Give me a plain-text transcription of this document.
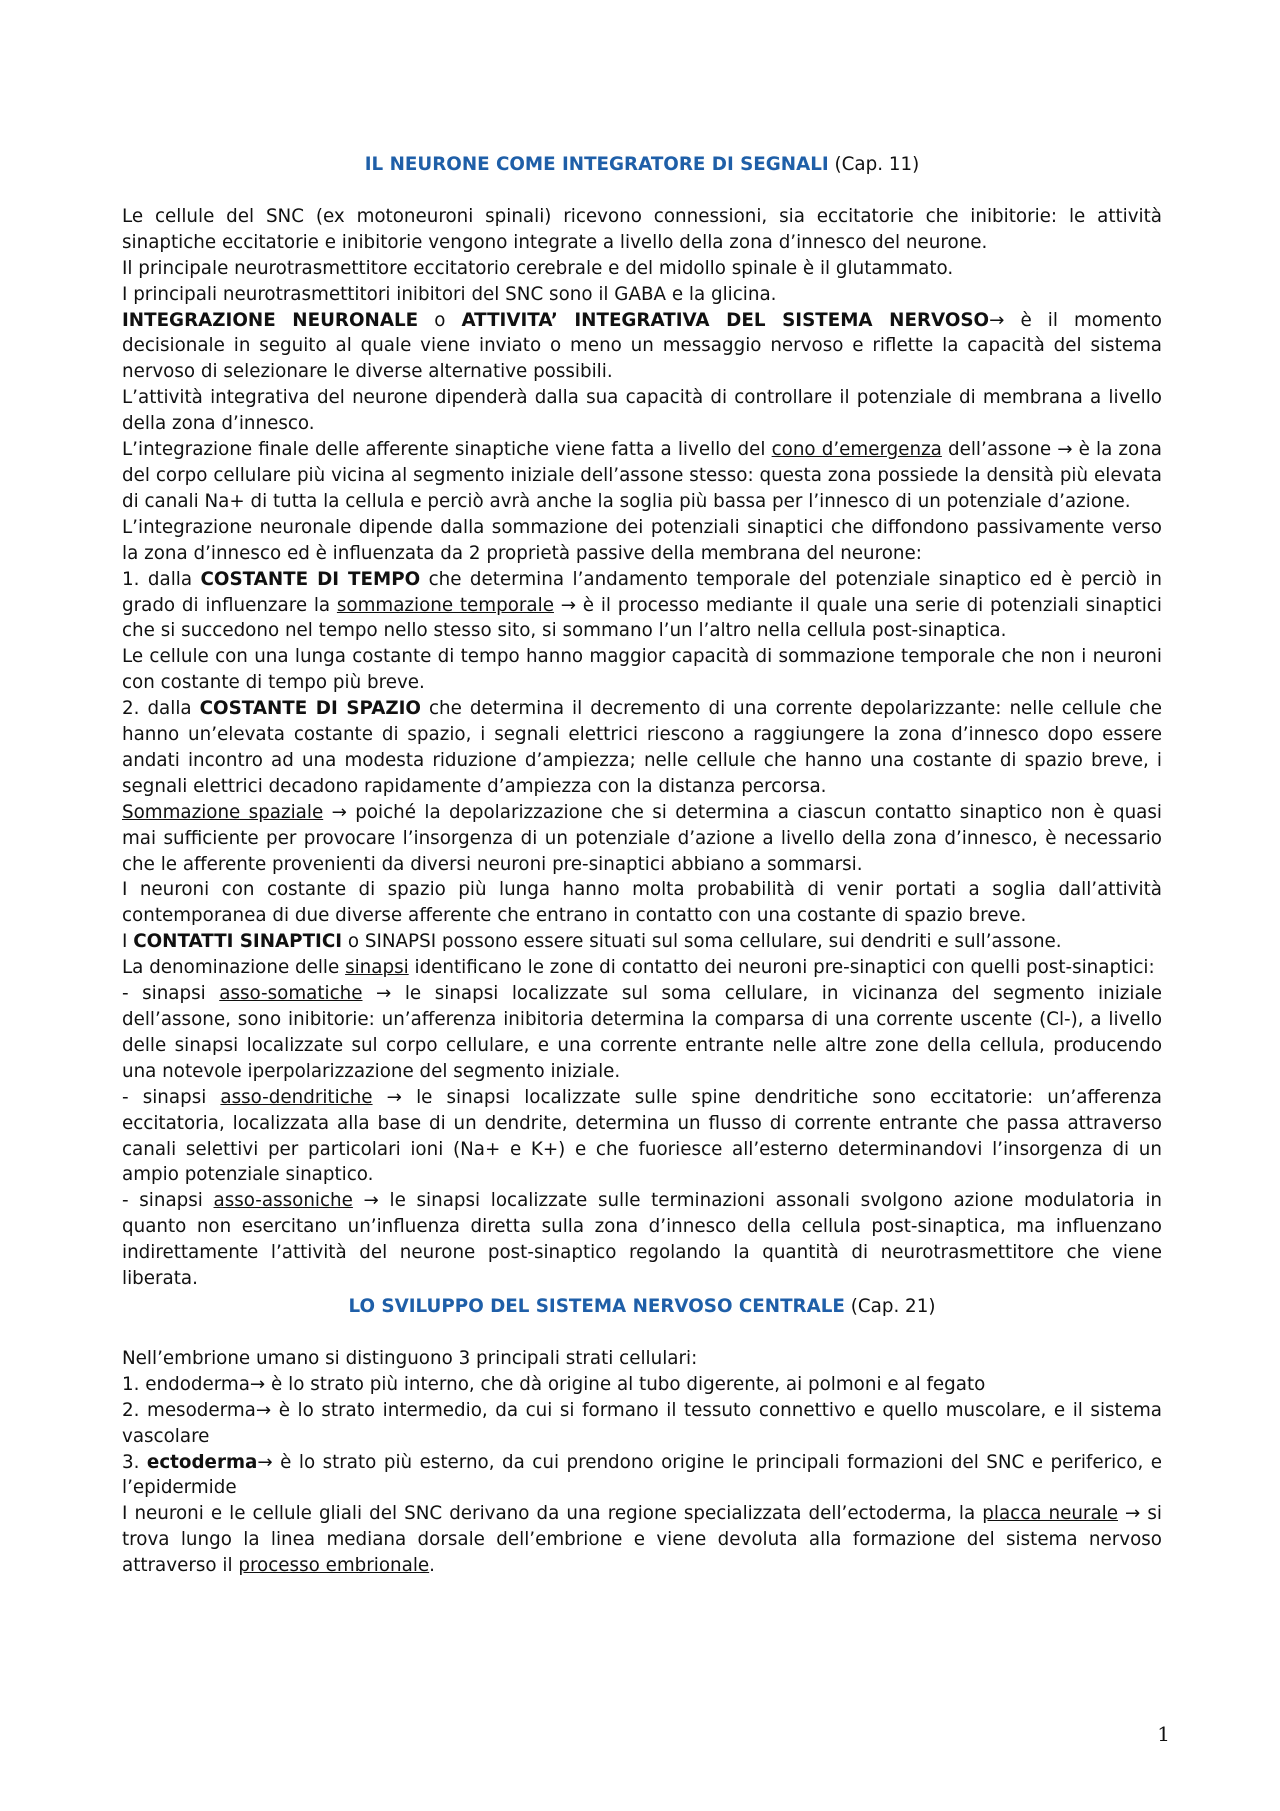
IL NEURONE COME INTEGRATORE DI SEGNALI (Cap. 11)

Le cellule del SNC (ex motoneuroni spinali) ricevono connessioni, sia eccitatorie che inibitorie: le attività sinaptiche eccitatorie e inibitorie vengono integrate a livello della zona d’innesco del neurone.

Il principale neurotrasmettitore eccitatorio cerebrale e del midollo spinale è il glutammato.

I principali neurotrasmettitori inibitori del SNC sono il GABA e la glicina.

INTEGRAZIONE NEURONALE o ATTIVITA’ INTEGRATIVA DEL SISTEMA NERVOSO→ è il momento decisionale in seguito al quale viene inviato o meno un messaggio nervoso e riflette la capacità del sistema nervoso di selezionare le diverse alternative possibili.

L’attività integrativa del neurone dipenderà dalla sua capacità di controllare il potenziale di membrana a livello della zona d’innesco.

L’integrazione finale delle afferente sinaptiche viene fatta a livello del cono d’emergenza dell’assone → è la zona del corpo cellulare più vicina al segmento iniziale dell’assone stesso: questa zona possiede la densità più elevata di canali Na+ di tutta la cellula e perciò avrà anche la soglia più bassa per l’innesco di un potenziale d’azione.

L’integrazione neuronale dipende dalla sommazione dei potenziali sinaptici che diffondono passivamente verso la zona d’innesco ed è influenzata da 2 proprietà passive della membrana del neurone:

1. dalla COSTANTE DI TEMPO che determina l’andamento temporale del potenziale sinaptico ed è perciò in grado di influenzare la sommazione temporale → è il processo mediante il quale una serie di potenziali sinaptici che si succedono nel tempo nello stesso sito, si sommano l’un l’altro nella cellula post-sinaptica.

Le cellule con una lunga costante di tempo hanno maggior capacità di sommazione temporale che non i neuroni con costante di tempo più breve.

2. dalla COSTANTE DI SPAZIO che determina il decremento di una corrente depolarizzante: nelle cellule che hanno un’elevata costante di spazio, i segnali elettrici riescono a raggiungere la zona d’innesco dopo essere andati incontro ad una modesta riduzione d’ampiezza; nelle cellule che hanno una costante di spazio breve, i segnali elettrici decadono rapidamente d’ampiezza con la distanza percorsa.

Sommazione spaziale → poiché la depolarizzazione che si determina a ciascun contatto sinaptico non è quasi mai sufficiente per provocare l’insorgenza di un potenziale d’azione a livello della zona d’innesco, è necessario che le afferente provenienti da diversi neuroni pre-sinaptici abbiano a sommarsi.

I neuroni con costante di spazio più lunga hanno molta probabilità di venir portati a soglia dall’attività contemporanea di due diverse afferente che entrano in contatto con una costante di spazio breve.

I CONTATTI SINAPTICI o SINAPSI possono essere situati sul soma cellulare, sui dendriti e sull’assone.

La denominazione delle sinapsi identificano le zone di contatto dei neuroni pre-sinaptici con quelli post-sinaptici:

- sinapsi asso-somatiche → le sinapsi localizzate sul soma cellulare, in vicinanza del segmento iniziale dell’assone, sono inibitorie: un’afferenza inibitoria determina la comparsa di una corrente uscente (Cl-), a livello delle sinapsi localizzate sul corpo cellulare, e una corrente entrante nelle altre zone della cellula, producendo una notevole iperpolarizzazione del segmento iniziale.

- sinapsi asso-dendritiche → le sinapsi localizzate sulle spine dendritiche sono eccitatorie: un’afferenza eccitatoria, localizzata alla base di un dendrite, determina un flusso di corrente entrante che passa attraverso canali selettivi per particolari ioni (Na+ e K+) e che fuoriesce all’esterno determinandovi l’insorgenza di un ampio potenziale sinaptico.

- sinapsi asso-assoniche → le sinapsi localizzate sulle terminazioni assonali svolgono azione modulatoria in quanto non esercitano un’influenza diretta sulla zona d’innesco della cellula post-sinaptica, ma influenzano indirettamente l’attività del neurone post-sinaptico regolando la quantità di neurotrasmettitore che viene liberata.

LO SVILUPPO DEL SISTEMA NERVOSO CENTRALE (Cap. 21)

Nell’embrione umano si distinguono 3 principali strati cellulari:

1. endoderma→ è lo strato più interno, che dà origine al tubo digerente, ai polmoni e al fegato

2. mesoderma→ è lo strato intermedio, da cui si formano il tessuto connettivo e quello muscolare, e il sistema vascolare

3. ectoderma→ è lo strato più esterno, da cui prendono origine le principali formazioni del SNC e periferico, e l’epidermide

I neuroni e le cellule gliali del SNC derivano da una regione specializzata dell’ectoderma, la placca neurale → si trova lungo la linea mediana dorsale dell’embrione e viene devoluta alla formazione del sistema nervoso attraverso il processo embrionale.

1
